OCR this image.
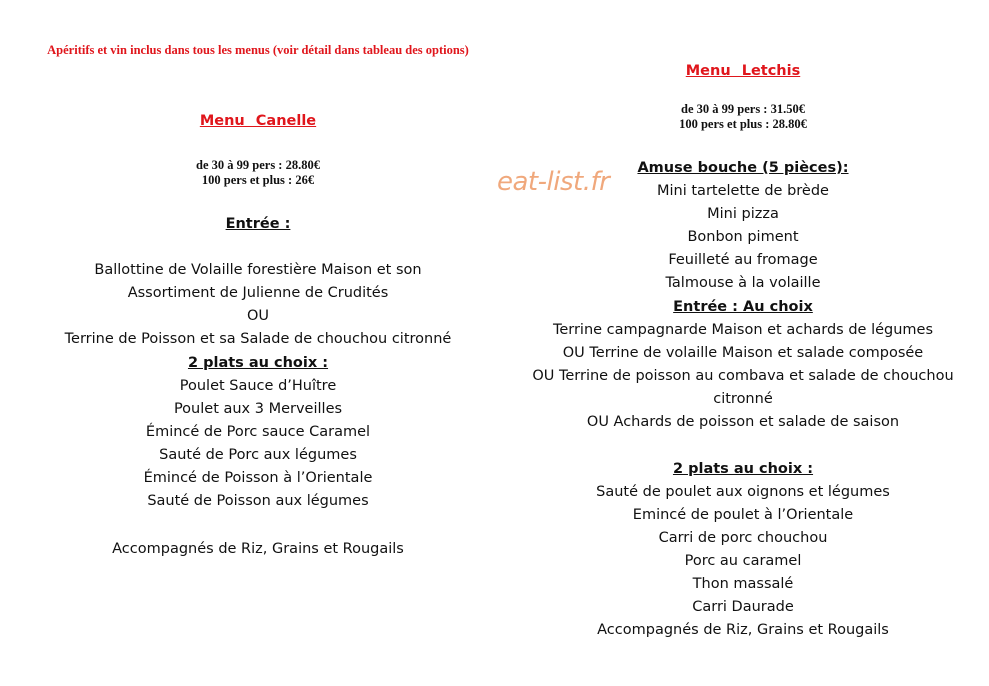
Apéritifs et vin inclus dans tous les menus (voir détail dans tableau des options)

Menu Canelle

de 30 à 99 pers : 28.80€
100 pers et plus : 26€

Entrée :

Ballottine de Volaille forestière Maison et son
Assortiment de Julienne de Crudités
OU
Terrine de Poisson et sa Salade de chouchou citronné

2 plats au choix :

Poulet Sauce d’Huître
Poulet aux 3 Merveilles
Émincé de Porc sauce Caramel
Sauté de Porc aux légumes
Émincé de Poisson à l’Orientale
Sauté de Poisson aux légumes

Accompagnés de Riz, Grains et Rougails

Menu Letchis

de 30 à 99 pers : 31.50€
100 pers et plus : 28.80€

Amuse bouche (5 pièces):

Mini tartelette de brède
Mini pizza
Bonbon piment
Feuilleté au fromage
Talmouse à la volaille

Entrée : Au choix

Terrine campagnarde Maison et achards de légumes
OU Terrine de volaille Maison et salade composée
OU Terrine de poisson au combava et salade de chouchou
citronné
OU Achards de poisson et salade de saison

2 plats au choix :

Sauté de poulet aux oignons et légumes
Emincé de poulet à l’Orientale
Carri de porc chouchou
Porc au caramel
Thon massalé
Carri Daurade
Accompagnés de Riz, Grains et Rougails
eat-list.fr
